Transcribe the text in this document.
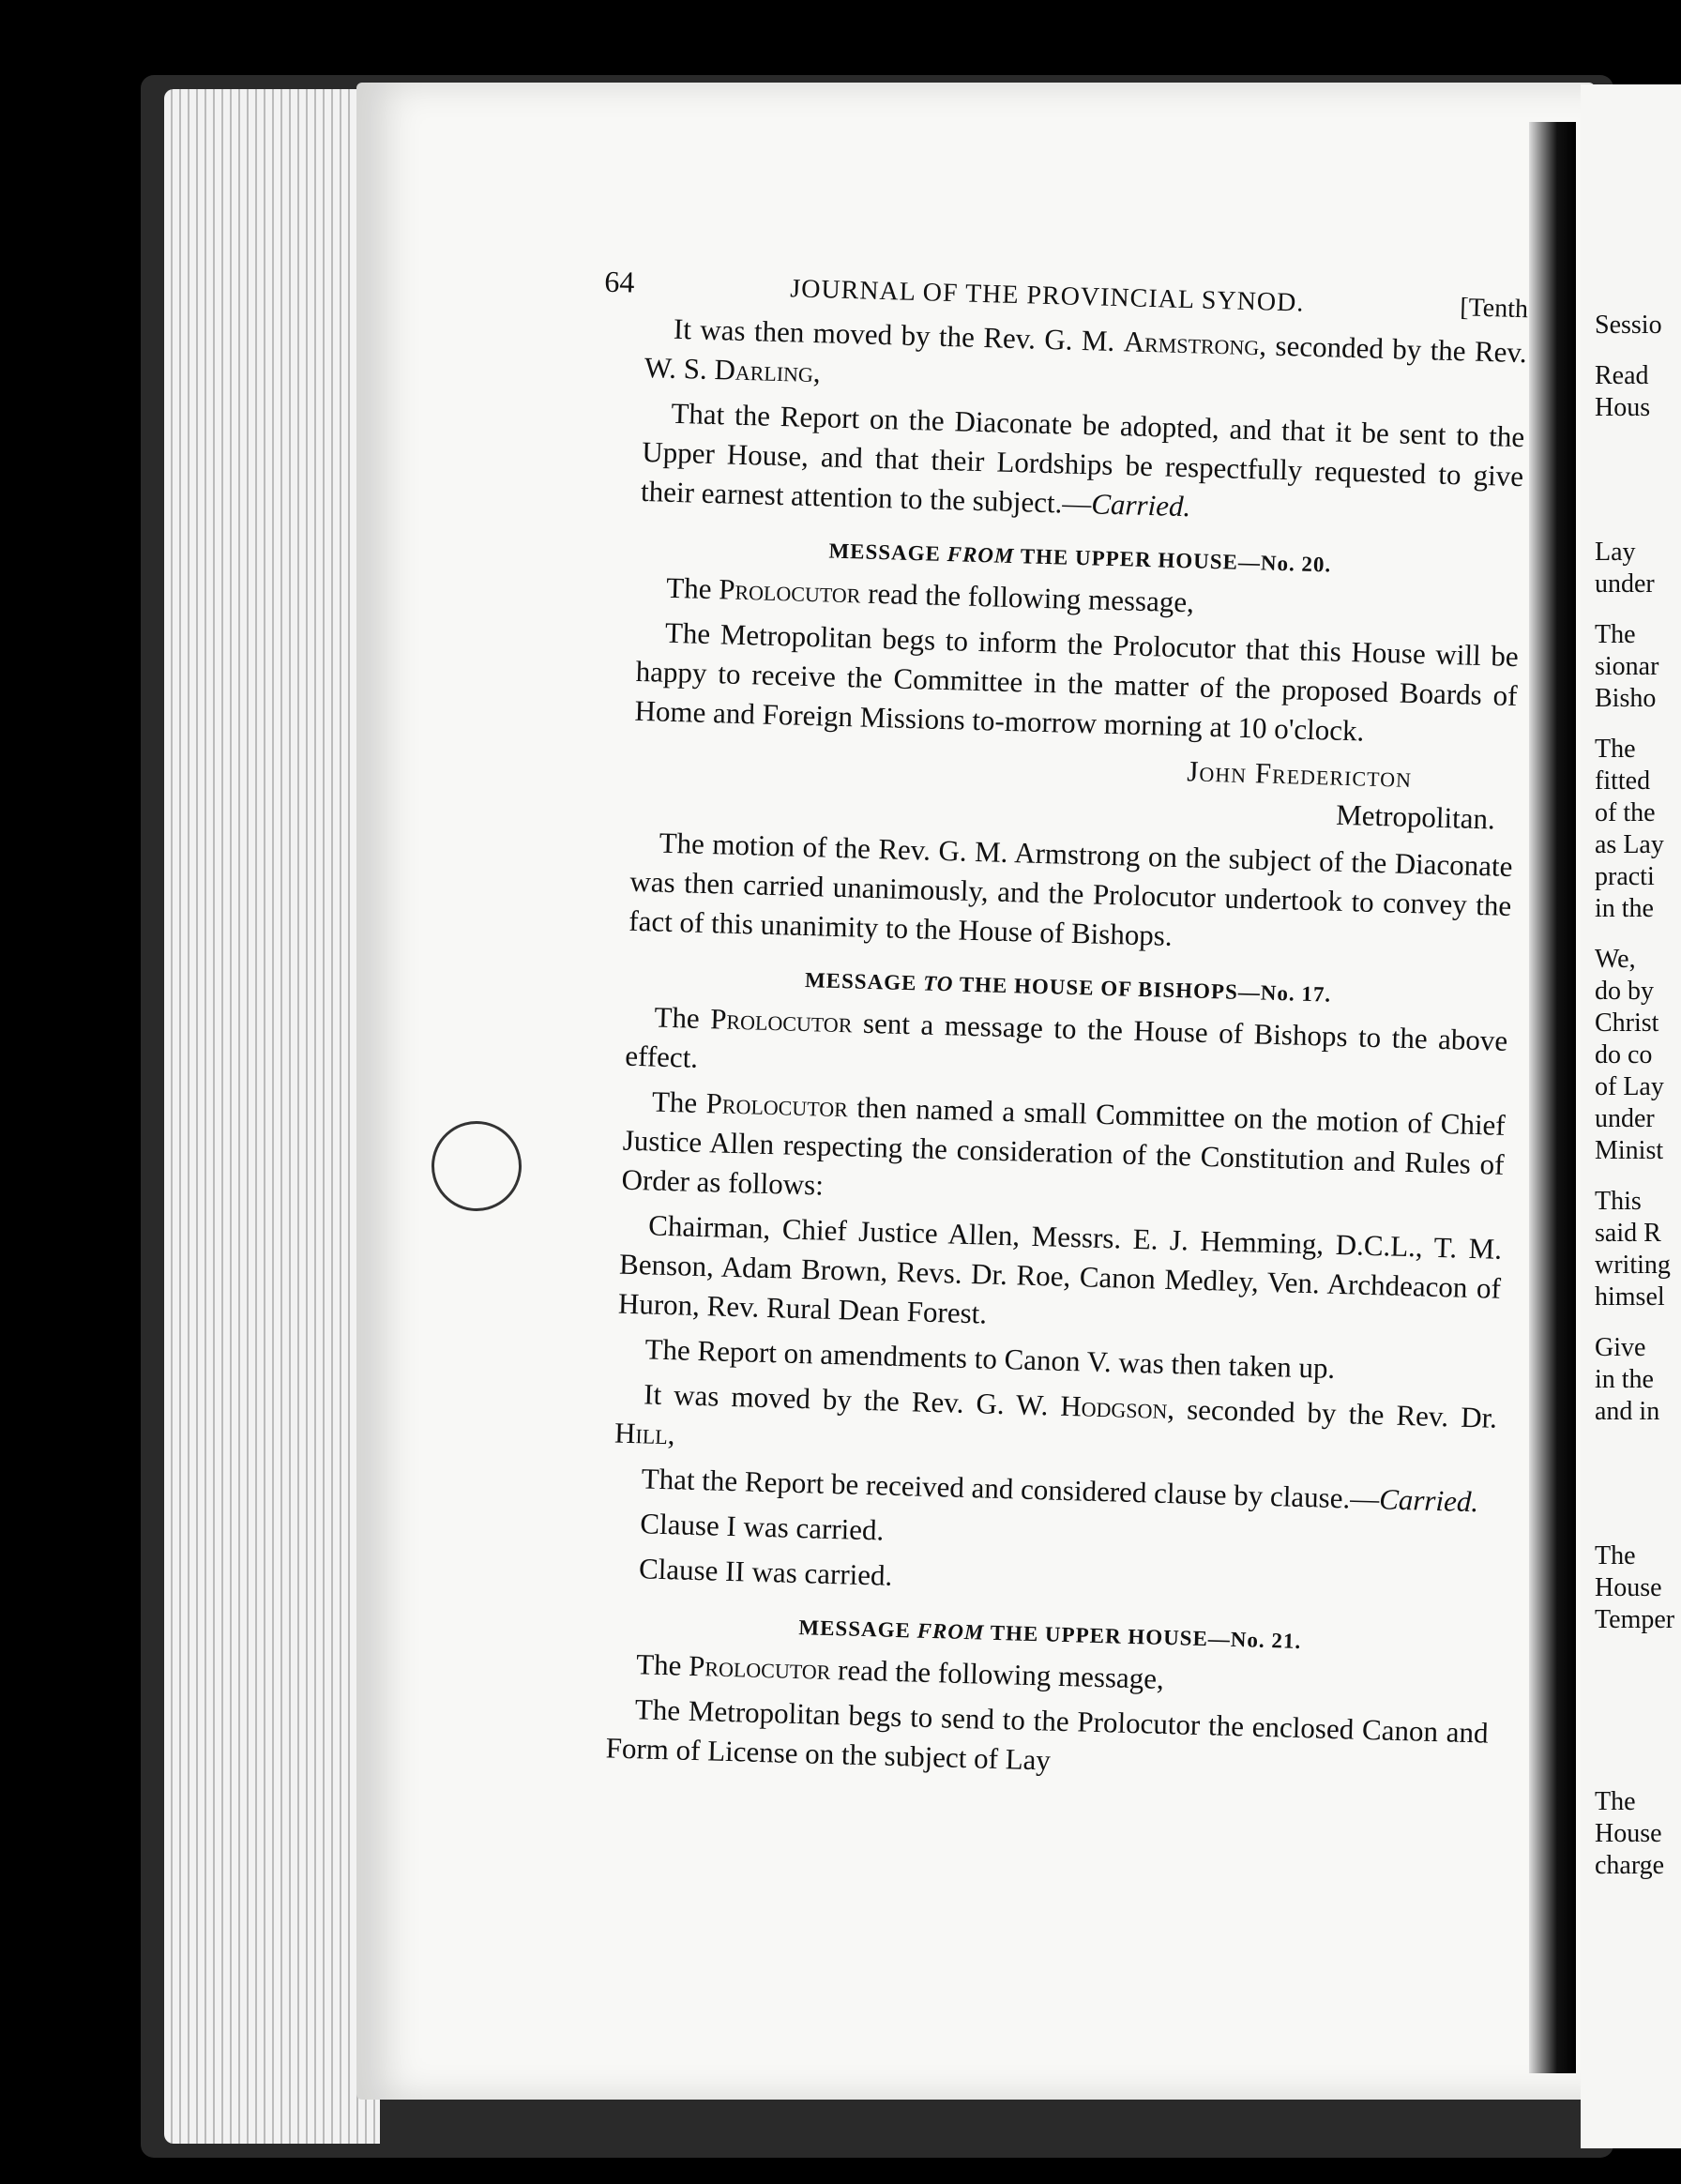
64	JOURNAL OF THE PROVINCIAL SYNOD.	[Tenth

It was then moved by the Rev. G. M. Armstrong, seconded by the Rev. W. S. Darling,

That the Report on the Diaconate be adopted, and that it be sent to the Upper House, and that their Lordships be respectfully requested to give their earnest attention to the subject.—Carried.

MESSAGE FROM THE UPPER HOUSE—No. 20.

The Prolocutor read the following message,

The Metropolitan begs to inform the Prolocutor that this House will be happy to receive the Committee in the matter of the proposed Boards of Home and Foreign Missions to-morrow morning at 10 o'clock.

John Fredericton
Metropolitan.

The motion of the Rev. G. M. Armstrong on the subject of the Diaconate was then carried unanimously, and the Prolocutor undertook to convey the fact of this unanimity to the House of Bishops.

MESSAGE TO THE HOUSE OF BISHOPS—No. 17.

The Prolocutor sent a message to the House of Bishops to the above effect.

The Prolocutor then named a small Committee on the motion of Chief Justice Allen respecting the consideration of the Constitution and Rules of Order as follows:

Chairman, Chief Justice Allen, Messrs. E. J. Hemming, D.C.L., T. M. Benson, Adam Brown, Revs. Dr. Roe, Canon Medley, Ven. Archdeacon of Huron, Rev. Rural Dean Forest.

The Report on amendments to Canon V. was then taken up.

It was moved by the Rev. G. W. Hodgson, seconded by the Rev. Dr. Hill,

That the Report be received and considered clause by clause.—Carried.

Clause I was carried.
Clause II was carried.
MESSAGE FROM THE UPPER HOUSE—No. 21.

The Prolocutor read the following message,

The Metropolitan begs to send to the Prolocutor the enclosed Canon and Form of License on the subject of Lay

Sessio
Read
Hous
Lay
under
The
sionar
Bisho
The
fitted
of the
as Lay
practi
in the
We,
do by
Christ
do co
of Lay
under
Minist
This
said R
writing
himsel
Give
in the
and in
The
House
Temper
The
House
charge
